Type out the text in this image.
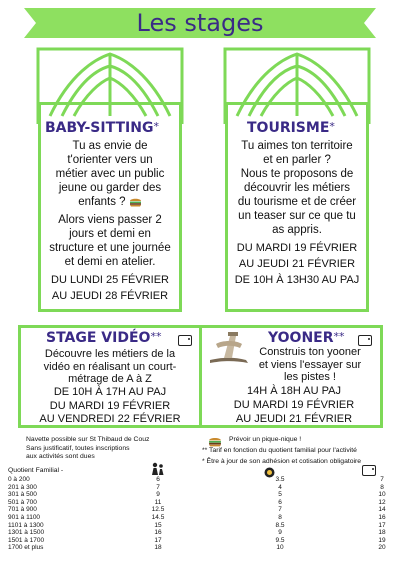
Les stages
BABY-SITTING*
Tu as envie de
t'orienter vers un
métier avec un public
jeune ou garder des
enfants ?
Alors viens passer 2
jours et demi en
structure et une journée
et demi en atelier.
DU LUNDI 25 FÉVRIER
AU JEUDI 28 FÉVRIER
TOURISME*
Tu aimes ton territoire
et en parler ?
Nous te proposons de
découvrir les métiers
du tourisme et de créer
un teaser sur ce que tu
as appris.
DU MARDI 19 FÉVRIER
AU JEUDI 21 FÉVRIER
DE 10H À 13H30 AU PAJ
STAGE VIDÉO**
Découvre les métiers de la
vidéo en réalisant un court-
métrage de A à Z
DE 10H À 17H AU PAJ
DU MARDI 19 FÉVRIER
AU VENDREDI 22 FÉVRIER
YOONER**
Construis ton yooner
et viens l'essayer sur
les pistes !
14H À 18H AU PAJ
DU MARDI 19 FÉVRIER
AU JEUDI 21 FÉVRIER
Navette possible sur St Thibaud de Couz
Sans justificatif, toutes inscriptions
aux activités sont dues
Prévoir un pique-nique !
** Tarif en fonction du quotient familial pour l'activité
* Être à jour de son adhésion et cotisation obligatoire
Quotient Familial -
0 à 200	6	3.5	7
201 à 300	7	4	8
301 à 500	9	5	10
501 à 700	11	6	12
701 à 900	12.5	7	14
901 à 1100	14.5	8	16
1101 à 1300	15	8.5	17
1301 à 1500	16	9	18
1501 à 1700	17	9.5	19
1700 et plus	18	10	20
